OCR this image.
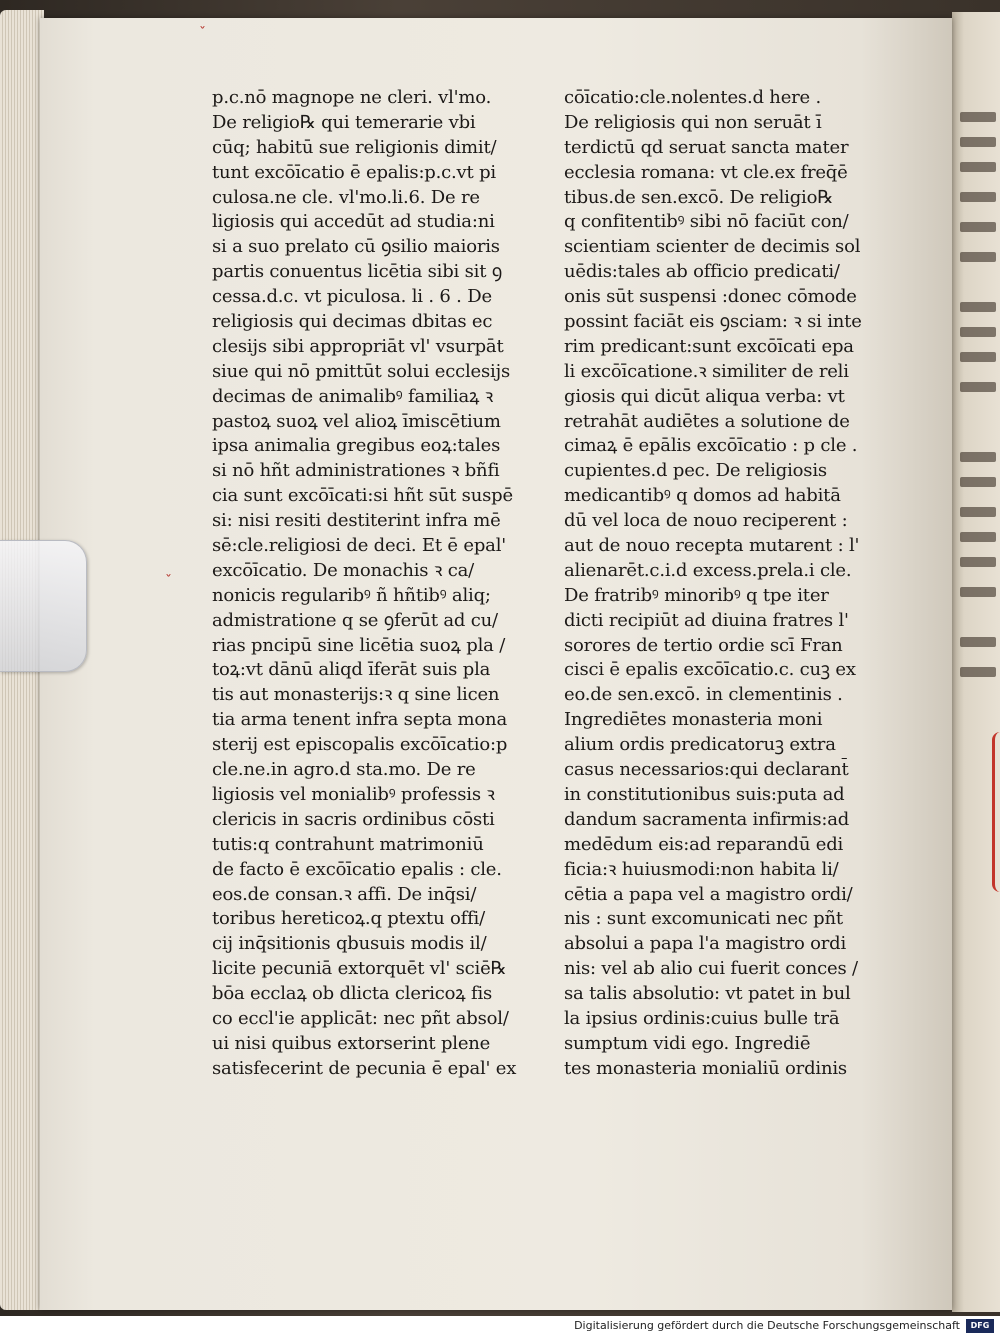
ˇ
ˇ
p.c.nō magnope ne cleri. vl'mo.
De religio℞ qui temerarie vbi
cūq; habitū sue religionis dimit/
tunt excōīcatio ē epalis:p.c.vt pi
culosa.ne cle. vl'mo.li.6. De re
ligiosis qui accedūt ad studia:ni
si a suo prelato cū ꝯsilio maioris
partis conuentus licētia sibi sit ꝯ
cessa.d.c. vt piculosa. li . 6 . De
religiosis qui decimas dbitas ec
clesijs sibi appropriāt vl' vsurpāt
siue qui nō pmittūt solui ecclesijs
decimas de animalibꝰ familiaꝝ ꝛ
pastoꝝ suoꝝ vel alioꝝ īmiscētium
ipsa animalia gregibus eoꝝ:tales
si nō hñt administrationes ꝛ bñfi
cia sunt excōīcati:si hñt sūt suspē
si: nisi resiti destiterint infra mē
sē:cle.religiosi de deci. Et ē epal'
excōīcatio. De monachis ꝛ ca/
nonicis regularibꝰ ñ hñtibꝰ aliq;
admistratione q se ꝯferūt ad cu/
rias pncipū sine licētia suoꝝ pla /
toꝝ:vt dānū aliqd īferāt suis pla
tis aut monasterijs:ꝛ q sine licen
tia arma tenent infra septa mona
sterij est episcopalis excōīcatio:p
cle.ne.in agro.d sta.mo. De re
ligiosis vel monialibꝰ professis ꝛ
clericis in sacris ordinibus cōsti
tutis:q contrahunt matrimoniū
de facto ē excōīcatio epalis : cle.
eos.de consan.ꝛ affi. De inq̄si/
toribus hereticoꝝ.q ptextu offi/
cij inq̄sitionis qbusuis modis il/
licite pecuniā extorquēt vl' sciē℞
bōa ecclaꝝ ob dlicta clericoꝝ fis
co eccl'ie applicāt: nec pñt absol/
ui nisi quibus extorserint plene
satisfecerint de pecunia ē epal' ex
cōīcatio:cle.nolentes.d here .
De religiosis qui non seruāt ī
terdictū qd seruat sancta mater
ecclesia romana: vt cle.ex freq̄ē
tibus.de sen.excō. De religio℞
q confitentibꝰ sibi nō faciūt con/
scientiam scienter de decimis sol
uēdis:tales ab officio predicati/
onis sūt suspensi :donec cōmode
possint faciāt eis ꝯsciam: ꝛ si inte
rim predicant:sunt excōīcati epa
li excōīcatione.ꝛ similiter de reli
giosis qui dicūt aliqua verba: vt
retrahāt audiētes a solutione de
cimaꝝ ē epālis excōīcatio : p cle .
cupientes.d pec. De religiosis
medicantibꝰ q domos ad habitā
dū vel loca de nouo reciperent :
aut de nouo recepta mutarent : l'
alienarēt.c.i.d excess.prela.i cle.
De fratribꝰ minoribꝰ q tpe iter
dicti recipiūt ad diuina fratres l'
sorores de tertio ordie scī Fran
cisci ē epalis excōīcatio.c. cuꝫ ex
eo.de sen.excō. in clementinis .
Ingrediētes monasteria moni
alium ordis predicatoruꝫ extra
casus necessarios:qui declarant̄
in constitutionibus suis:puta ad
dandum sacramenta infirmis:ad
medēdum eis:ad reparandū edi
ficia:ꝛ huiusmodi:non habita li/
cētia a papa vel a magistro ordi/
nis : sunt excomunicati nec pñt
absolui a papa l'a magistro ordi
nis: vel ab alio cui fuerit conces /
sa talis absolutio: vt patet in bul
la ipsius ordinis:cuius bulle trā
sumptum vidi ego. Ingrediē
tes monasteria monialiū ordinis
Digitalisierung gefördert durch die Deutsche Forschungsgemeinschaft	DFG
